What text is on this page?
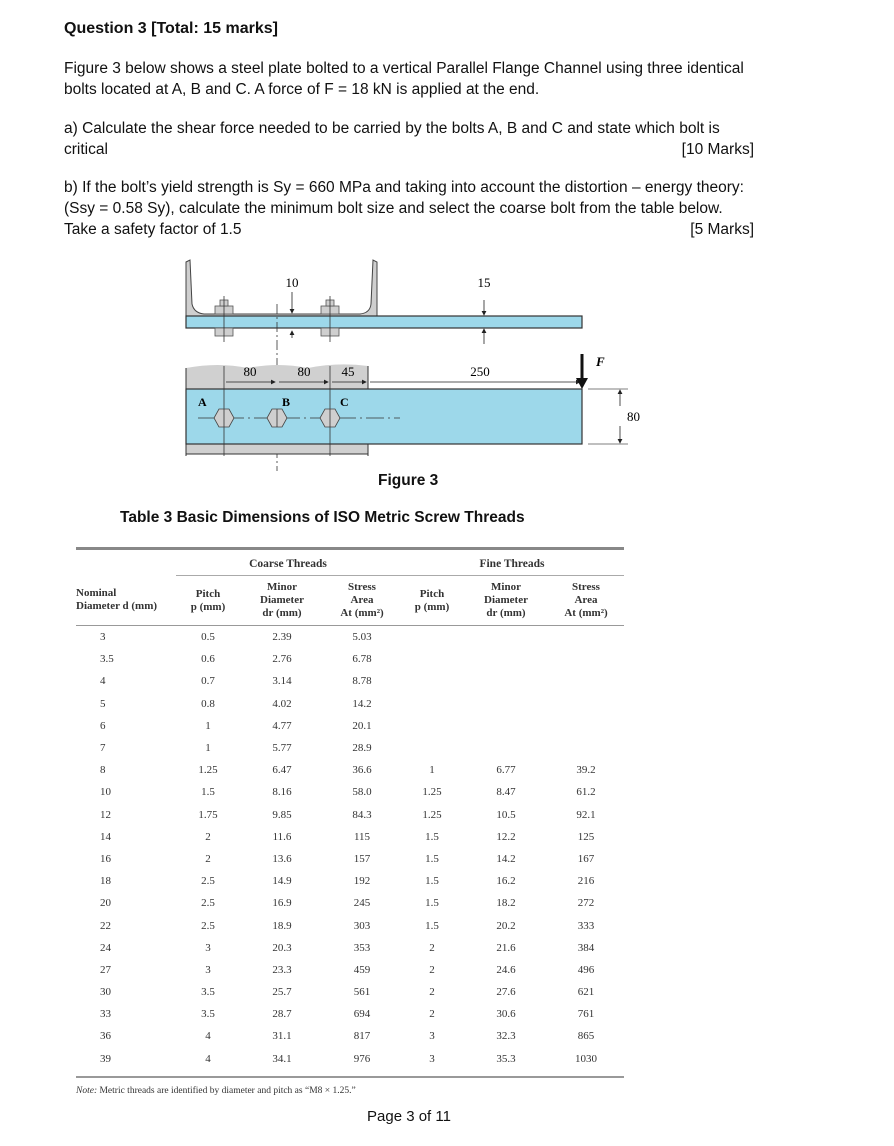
Question 3 [Total: 15 marks]
Figure 3 below shows a steel plate bolted to a vertical Parallel Flange Channel using three identical bolts located at A, B and C. A force of F = 18 kN is applied at the end.
a) Calculate the shear force needed to be carried by the bolts A, B and C and state which bolt is critical	[10 Marks]
b) If the bolt’s yield strength is Sy = 660 MPa and taking into account the distortion – energy theory: (Ssy = 0.58 Sy), calculate the minimum bolt size and select the coarse bolt from the table below. Take a safety factor of 1.5	[5 Marks]
10	15
A	B	C
80	80 45	250
F
80
Figure 3
Table 3 Basic Dimensions of ISO Metric Screw Threads
	Coarse Threads			Fine Threads		

Nominal
Diameter d (mm)

Pitch
p (mm)

Minor
Diameter
dr (mm)

Stress
Area
At (mm²)

Pitch
p (mm)

Minor
Diameter
dr (mm)

Stress
Area
At (mm²)

3	0.5	2.39	5.03			
3.5	0.6	2.76	6.78			
4	0.7	3.14	8.78			
5	0.8	4.02	14.2			
6	1	4.77	20.1			
7	1	5.77	28.9			
8	1.25	6.47	36.6	1	6.77	39.2
10	1.5	8.16	58.0	1.25	8.47	61.2
12	1.75	9.85	84.3	1.25	10.5	92.1
14	2	11.6	115	1.5	12.2	125
16	2	13.6	157	1.5	14.2	167
18	2.5	14.9	192	1.5	16.2	216
20	2.5	16.9	245	1.5	18.2	272
22	2.5	18.9	303	1.5	20.2	333
24	3	20.3	353	2	21.6	384
27	3	23.3	459	2	24.6	496
30	3.5	25.7	561	2	27.6	621
33	3.5	28.7	694	2	30.6	761
36	4	31.1	817	3	32.3	865
39	4	34.1	976	3	35.3	1030
Note: Metric threads are identified by diameter and pitch as “M8 × 1.25.”
Page 3 of 11
